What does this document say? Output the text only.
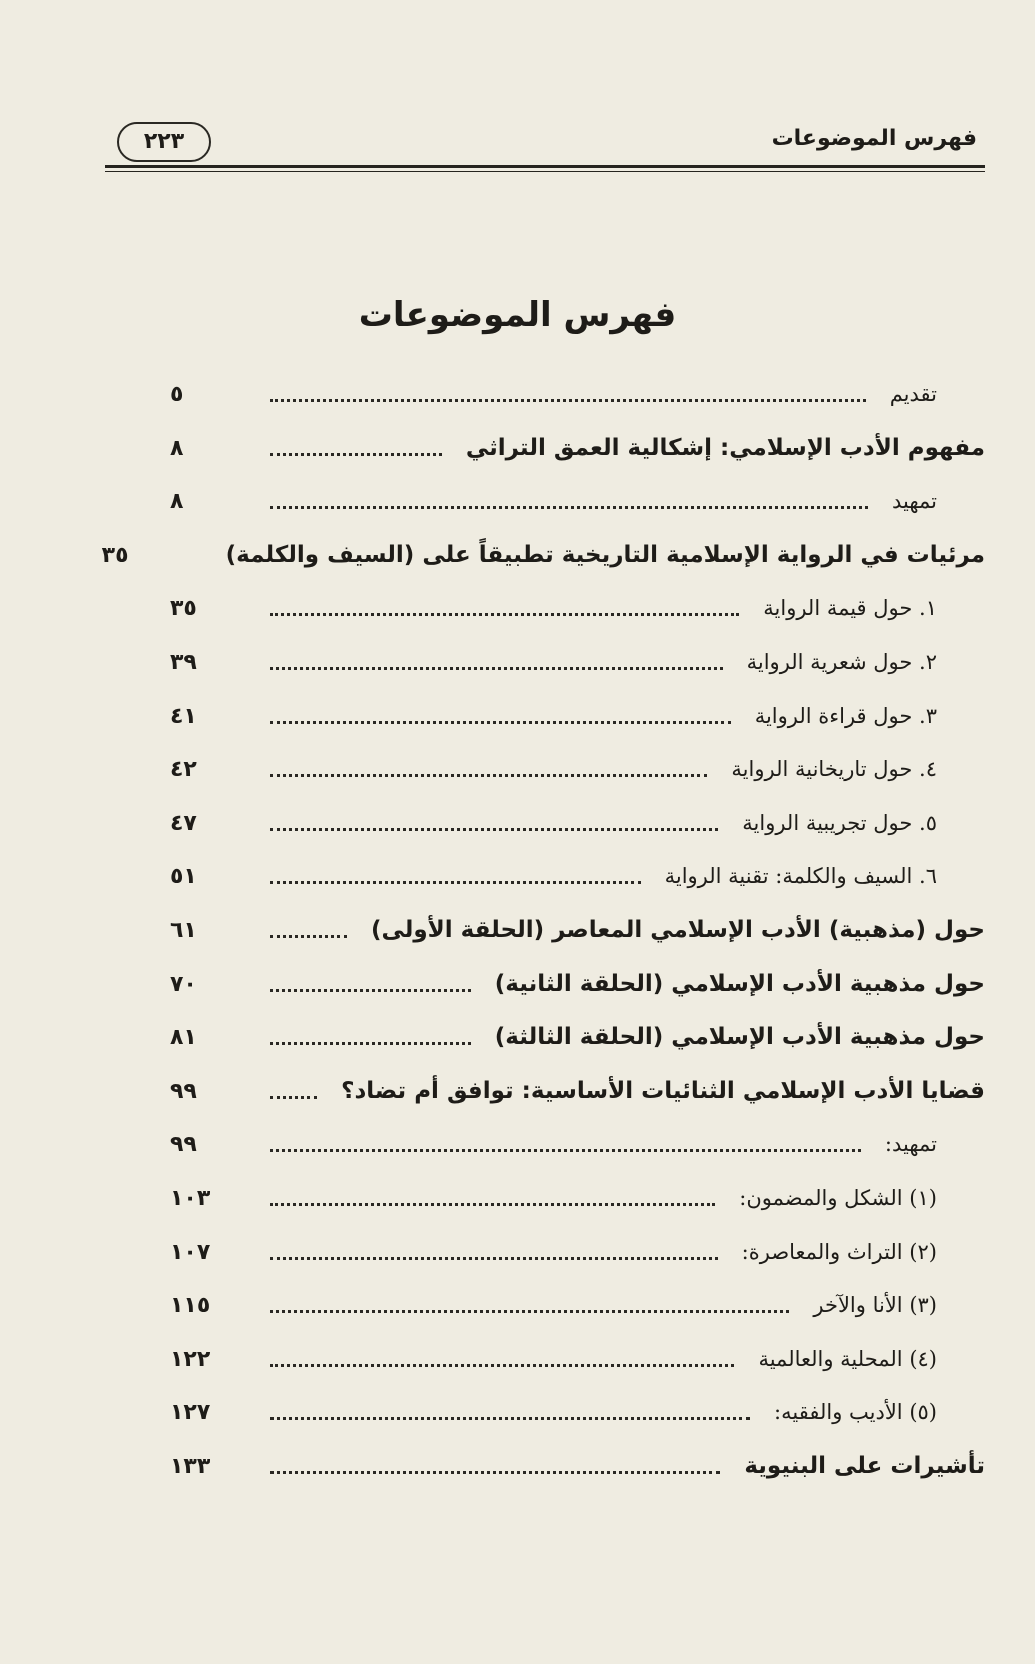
فهرس الموضوعات
٢٢٣
فهرس الموضوعات
تقديم
٥
مفهوم الأدب الإسلامي: إشكالية العمق التراثي
٨
تمهيد
٨
مرئيات في الرواية الإسلامية التاريخية تطبيقاً على (السيف والكلمة)
٣٥
١. حول قيمة الرواية
٣٥
٢. حول شعرية الرواية
٣٩
٣. حول قراءة الرواية
٤١
٤. حول تاريخانية الرواية
٤٢
٥. حول تجريبية الرواية
٤٧
٦. السيف والكلمة: تقنية الرواية
٥١
حول (مذهبية) الأدب الإسلامي المعاصر (الحلقة الأولى)
٦١
حول مذهبية الأدب الإسلامي (الحلقة الثانية)
٧٠
حول مذهبية الأدب الإسلامي (الحلقة الثالثة)
٨١
قضايا الأدب الإسلامي الثنائيات الأساسية: توافق أم تضاد؟
٩٩
تمهيد:
٩٩
(١) الشكل والمضمون:
١٠٣
(٢) التراث والمعاصرة:
١٠٧
(٣) الأنا والآخر
١١٥
(٤) المحلية والعالمية
١٢٢
(٥) الأديب والفقيه:
١٢٧
تأشيرات على البنيوية
١٣٣
